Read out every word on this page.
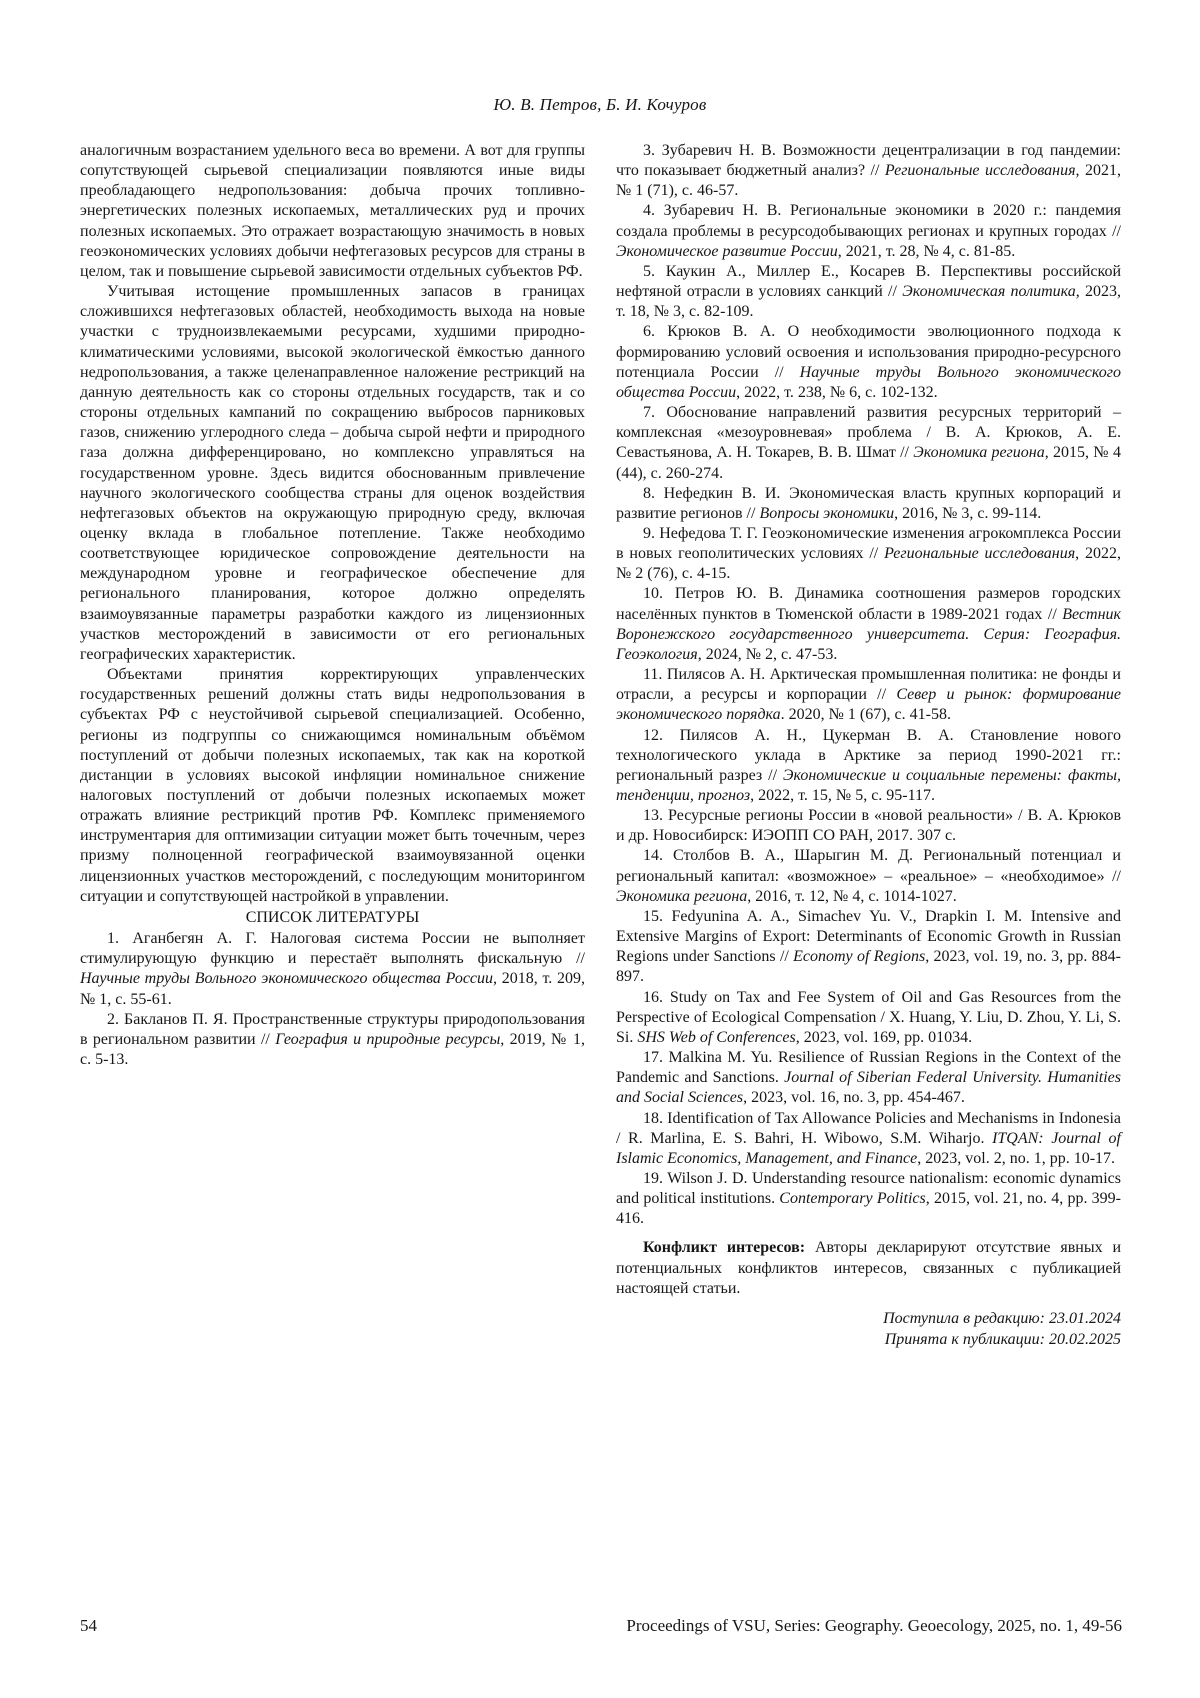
Ю. В. Петров, Б. И. Кочуров

аналогичным возрастанием удельного веса во времени. А вот для группы сопутствующей сырьевой специализации появляются иные виды преобладающего недропользования: добыча прочих топливно-энергетических полезных ископаемых, металлических руд и прочих полезных ископаемых. Это отражает возрастающую значимость в новых геоэкономических условиях добычи нефтегазовых ресурсов для страны в целом, так и повышение сырьевой зависимости отдельных субъектов РФ.

Учитывая истощение промышленных запасов в границах сложившихся нефтегазовых областей, необходимость выхода на новые участки с трудноизвлекаемыми ресурсами, худшими природно-климатическими условиями, высокой экологической ёмкостью данного недропользования, а также целенаправленное наложение рестрикций на данную деятельность как со стороны отдельных государств, так и со стороны отдельных кампаний по сокращению выбросов парниковых газов, снижению углеродного следа – добыча сырой нефти и природного газа должна дифференцировано, но комплексно управляться на государственном уровне. Здесь видится обоснованным привлечение научного экологического сообщества страны для оценок воздействия нефтегазовых объектов на окружающую природную среду, включая оценку вклада в глобальное потепление. Также необходимо соответствующее юридическое сопровождение деятельности на международном уровне и географическое обеспечение для регионального планирования, которое должно определять взаимоувязанные параметры разработки каждого из лицензионных участков месторождений в зависимости от его региональных географических характеристик.

Объектами принятия корректирующих управленческих государственных решений должны стать виды недропользования в субъектах РФ с неустойчивой сырьевой специализацией. Особенно, регионы из подгруппы со снижающимся номинальным объёмом поступлений от добычи полезных ископаемых, так как на короткой дистанции в условиях высокой инфляции номинальное снижение налоговых поступлений от добычи полезных ископаемых может отражать влияние рестрикций против РФ. Комплекс применяемого инструментария для оптимизации ситуации может быть точечным, через призму полноценной географической взаимоувязанной оценки лицензионных участков месторождений, с последующим мониторингом ситуации и сопутствующей настройкой в управлении.

СПИСОК ЛИТЕРАТУРЫ

1. Аганбегян А. Г. Налоговая система России не выполняет стимулирующую функцию и перестаёт выполнять фискальную // Научные труды Вольного экономического общества России, 2018, т. 209, № 1, с. 55-61.

2. Бакланов П. Я. Пространственные структуры природопользования в региональном развитии // География и природные ресурсы, 2019, № 1, с. 5-13.

3. Зубаревич Н. В. Возможности децентрализации в год пандемии: что показывает бюджетный анализ? // Региональные исследования, 2021, № 1 (71), с. 46-57.

4. Зубаревич Н. В. Региональные экономики в 2020 г.: пандемия создала проблемы в ресурсодобывающих регионах и крупных городах // Экономическое развитие России, 2021, т. 28, № 4, с. 81-85.

5. Каукин А., Миллер Е., Косарев В. Перспективы российской нефтяной отрасли в условиях санкций // Экономическая политика, 2023, т. 18, № 3, с. 82-109.

6. Крюков В. А. О необходимости эволюционного подхода к формированию условий освоения и использования природно-ресурсного потенциала России // Научные труды Вольного экономического общества России, 2022, т. 238, № 6, с. 102-132.

7. Обоснование направлений развития ресурсных территорий – комплексная «мезоуровневая» проблема / В. А. Крюков, А. Е. Севастьянова, А. Н. Токарев, В. В. Шмат // Экономика региона, 2015, № 4 (44), с. 260-274.

8. Нефедкин В. И. Экономическая власть крупных корпораций и развитие регионов // Вопросы экономики, 2016, № 3, с. 99-114.

9. Нефедова Т. Г. Геоэкономические изменения агрокомплекса России в новых геополитических условиях // Региональные исследования, 2022, № 2 (76), с. 4-15.

10. Петров Ю. В. Динамика соотношения размеров городских населённых пунктов в Тюменской области в 1989-2021 годах // Вестник Воронежского государственного университета. Серия: География. Геоэкология, 2024, № 2, с. 47-53.

11. Пилясов А. Н. Арктическая промышленная политика: не фонды и отрасли, а ресурсы и корпорации // Север и рынок: формирование экономического порядка. 2020, № 1 (67), с. 41-58.

12. Пилясов А. Н., Цукерман В. А. Становление нового технологического уклада в Арктике за период 1990-2021 гг.: региональный разрез // Экономические и социальные перемены: факты, тенденции, прогноз, 2022, т. 15, № 5, с. 95-117.

13. Ресурсные регионы России в «новой реальности» / В. А. Крюков и др. Новосибирск: ИЭОПП СО РАН, 2017. 307 с.

14. Столбов В. А., Шарыгин М. Д. Региональный потенциал и региональный капитал: «возможное» – «реальное» – «необходимое» // Экономика региона, 2016, т. 12, № 4, с. 1014-1027.

15. Fedyunina A. A., Simachev Yu. V., Drapkin I. M. Intensive and Extensive Margins of Export: Determinants of Economic Growth in Russian Regions under Sanctions // Economy of Regions, 2023, vol. 19, no. 3, pp. 884-897.

16. Study on Tax and Fee System of Oil and Gas Resources from the Perspective of Ecological Compensation / X. Huang, Y. Liu, D. Zhou, Y. Li, S. Si. SHS Web of Conferences, 2023, vol. 169, pp. 01034.

17. Malkina M. Yu. Resilience of Russian Regions in the Context of the Pandemic and Sanctions. Journal of Siberian Federal University. Humanities and Social Sciences, 2023, vol. 16, no. 3, pp. 454-467.

18. Identification of Tax Allowance Policies and Mechanisms in Indonesia / R. Marlina, E. S. Bahri, H. Wibowo, S.M. Wiharjo. ITQAN: Journal of Islamic Economics, Management, and Finance, 2023, vol. 2, no. 1, pp. 10-17.

19. Wilson J. D. Understanding resource nationalism: economic dynamics and political institutions. Contemporary Politics, 2015, vol. 21, no. 4, pp. 399-416.

Конфликт интересов: Авторы декларируют отсутствие явных и потенциальных конфликтов интересов, связанных с публикацией настоящей статьи.

Поступила в редакцию: 23.01.2024
Принята к публикации: 20.02.2025
54	Proceedings of VSU, Series: Geography. Geoecology, 2025, no. 1, 49-56
